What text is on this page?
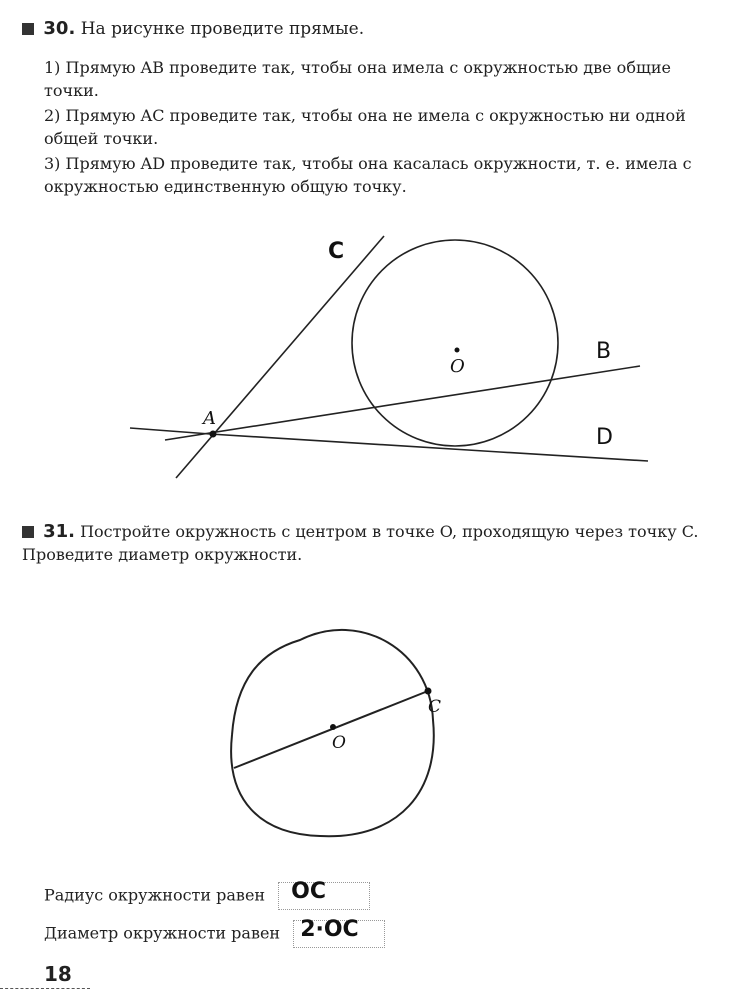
30. На рисунке проведите прямые.
1) Прямую AB проведите так, чтобы она имела с окружностью две общие точки.
2) Прямую AC проведите так, чтобы она не имела с окружностью ни одной общей точки.
3) Прямую AD проведите так, чтобы она касалась окружности, т. е. имела с окружностью единственную общую точку.
C
O
B
A
D
O
C
31. Постройте окружность с центром в точке O, проходящую через точку C. Проведите диаметр окружности.
Радиус окружности равен OC
Диаметр окружности равен 2·OC
18
